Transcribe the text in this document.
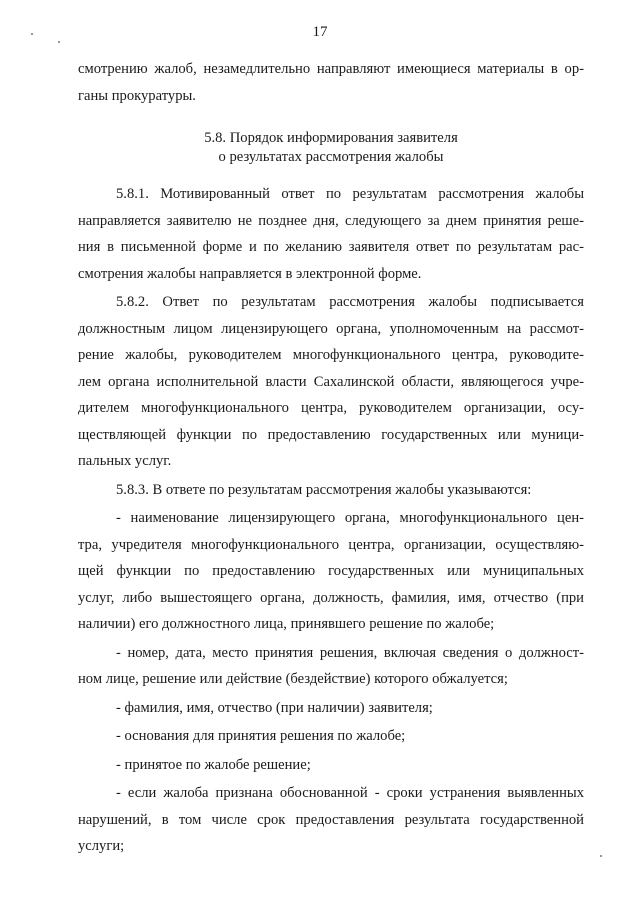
17

смотрению жалоб, незамедлительно направляют имеющиеся материалы в ор-

ганы прокуратуры.

5.8. Порядок информирования заявителя
о результатах рассмотрения жалобы

5.8.1. Мотивированный ответ по результатам рассмотрения жалобы

направляется заявителю не позднее дня, следующего за днем принятия реше-

ния в письменной форме и по желанию заявителя ответ по результатам рас-

смотрения жалобы направляется в электронной форме.

5.8.2. Ответ по результатам рассмотрения жалобы подписывается

должностным лицом лицензирующего органа, уполномоченным на рассмот-

рение жалобы, руководителем многофункционального центра, руководите-

лем органа исполнительной власти Сахалинской области, являющегося учре-

дителем многофункционального центра, руководителем организации, осу-

ществляющей функции по предоставлению государственных или муници-

пальных услуг.

5.8.3. В ответе по результатам рассмотрения жалобы указываются:

- наименование лицензирующего органа, многофункционального цен-

тра, учредителя многофункционального центра, организации, осуществляю-

щей функции по предоставлению государственных или муниципальных

услуг, либо вышестоящего органа, должность, фамилия, имя, отчество (при

наличии) его должностного лица, принявшего решение по жалобе;

- номер, дата, место принятия решения, включая сведения о должност-

ном лице, решение или действие (бездействие) которого обжалуется;

- фамилия, имя, отчество (при наличии) заявителя;

- основания для принятия решения по жалобе;

- принятое по жалобе решение;

- если жалоба признана обоснованной - сроки устранения выявленных

нарушений, в том числе срок предоставления результата государственной

услуги;
